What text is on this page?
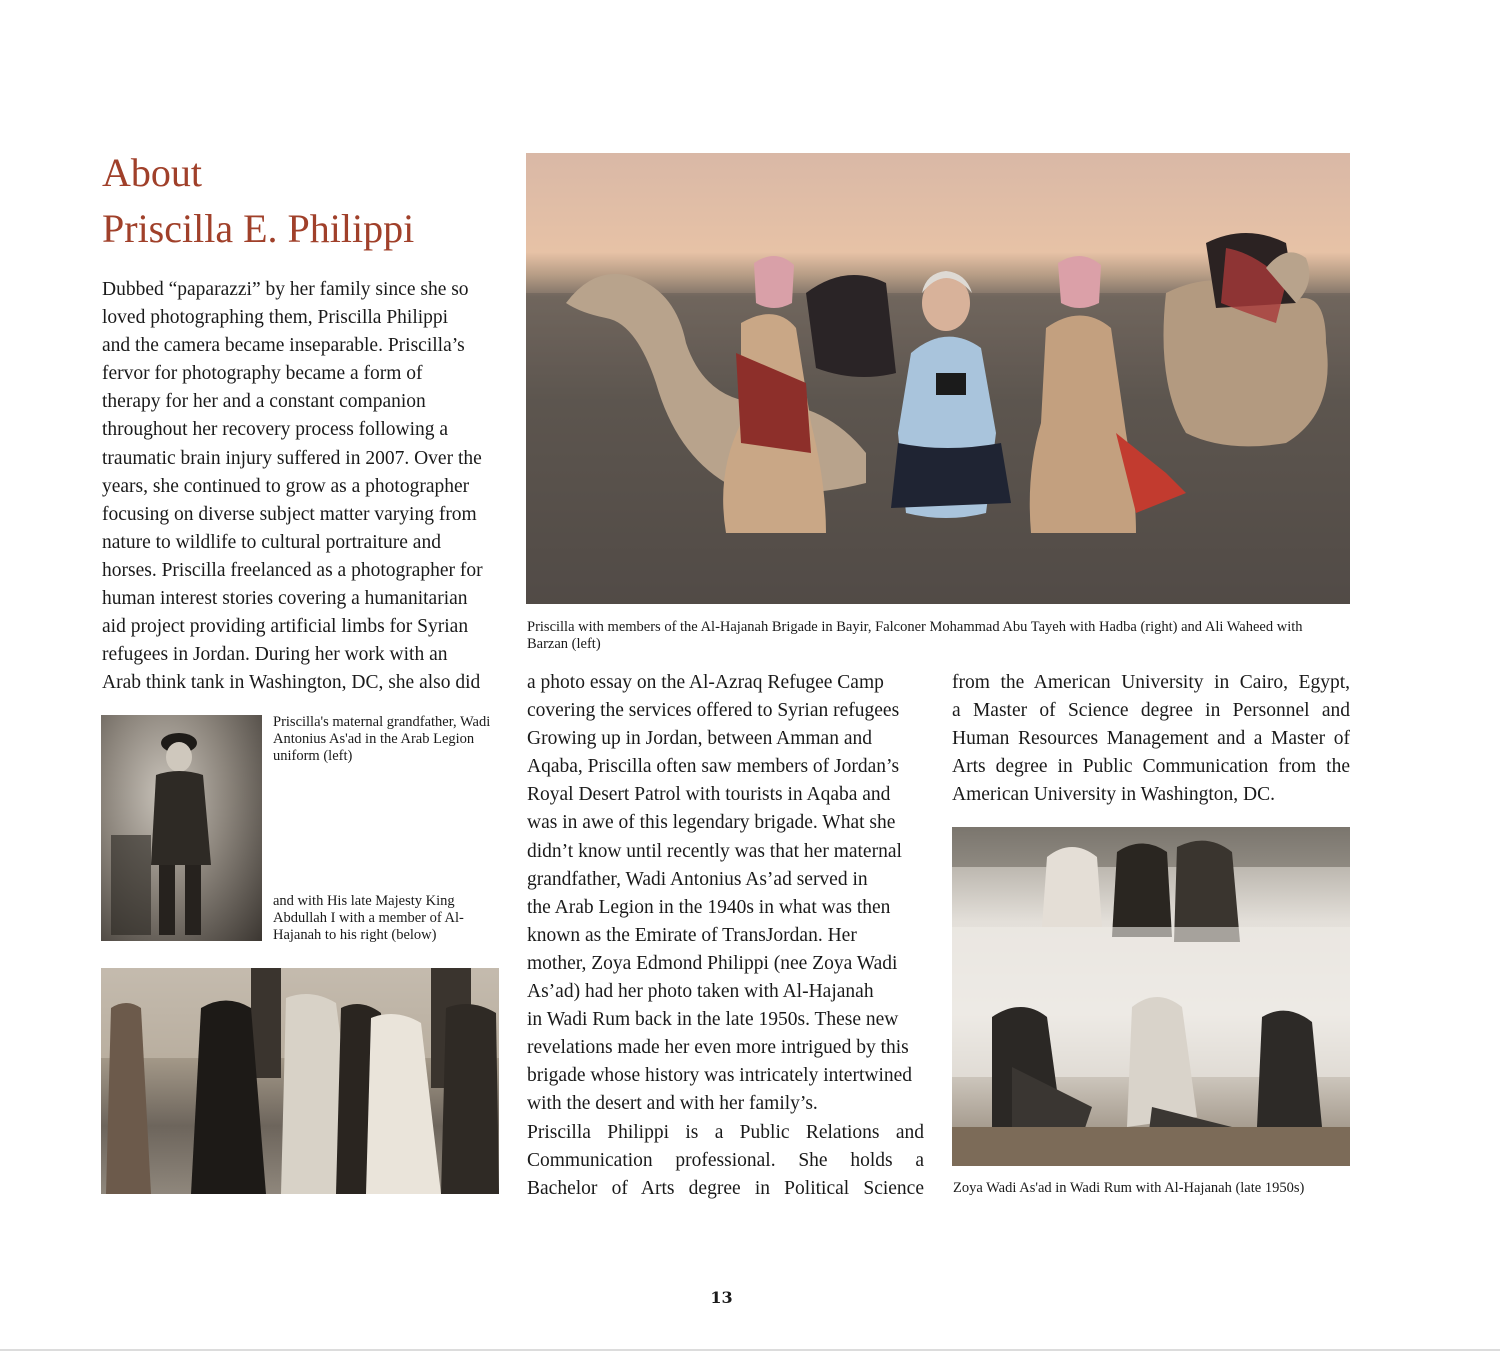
About
Priscilla E. Philippi
Dubbed “paparazzi” by her family since she so
loved photographing them, Priscilla Philippi
and the camera became inseparable. Priscilla’s
fervor for photography became a form of
therapy for her and a constant companion
throughout her recovery process following a
traumatic brain injury suffered in 2007. Over the
years, she continued to grow as a photographer
focusing on diverse subject matter varying from
nature to wildlife to cultural portraiture and
horses. Priscilla freelanced as a photographer for
human interest stories covering a humanitarian
aid project providing artificial limbs for Syrian
refugees in Jordan. During her work with an
Arab think tank in Washington, DC, she also did
Priscilla with members of the Al-Hajanah Brigade in Bayir, Falconer Mohammad Abu Tayeh with Hadba (right) and Ali Waheed with Barzan (left)
Priscilla's maternal grandfather, Wadi Antonius As'ad in the Arab Legion uniform (left)
and with His late Majesty King Abdullah I with a member of Al-Hajanah to his right (below)
a photo essay on the Al-Azraq Refugee Camp
covering the services offered to Syrian refugees
Growing up in Jordan, between Amman and
Aqaba, Priscilla often saw members of Jordan’s
Royal Desert Patrol with tourists in Aqaba and
was in awe of this legendary brigade. What she
didn’t know until recently was that her maternal
grandfather, Wadi Antonius As’ad served in
the Arab Legion in the 1940s in what was then
known as the Emirate of TransJordan. Her
mother, Zoya Edmond Philippi (nee Zoya Wadi
As’ad) had her photo taken with Al-Hajanah
in Wadi Rum back in the late 1950s. These new
revelations made her even more intrigued by this
brigade whose history was intricately intertwined
with the desert and with her family’s.
Priscilla Philippi is a Public Relations and
Communication professional. She holds a
Bachelor of Arts degree in Political Science
from the American University in Cairo, Egypt,
a Master of Science degree in Personnel and
Human Resources Management and a Master of
Arts degree in Public Communication from the
American University in Washington, DC.
Zoya Wadi As'ad in Wadi Rum with Al-Hajanah (late 1950s)
13
